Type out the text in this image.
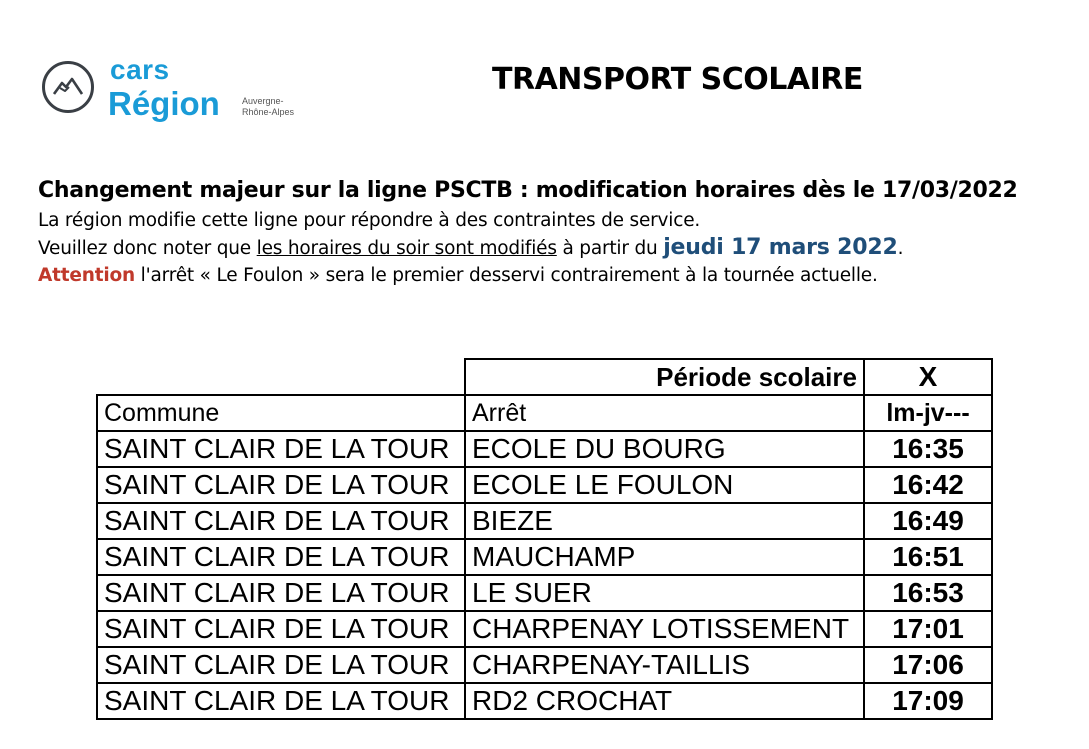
cars
Région Auvergne-
Rhône-Alpes
TRANSPORT SCOLAIRE
Changement majeur sur la ligne PSCTB : modification horaires dès le 17/03/2022
La région modifie cette ligne pour répondre à des contraintes de service.
Veuillez donc noter que les horaires du soir sont modifiés à partir du jeudi 17 mars 2022.
Attention l'arrêt « Le Foulon » sera le premier desservi contrairement à la tournée actuelle.
	Période scolaire	X
Commune	Arrêt	lm-jv---
SAINT CLAIR DE LA TOUR	ECOLE DU BOURG	16:35
SAINT CLAIR DE LA TOUR	ECOLE LE FOULON	16:42
SAINT CLAIR DE LA TOUR	BIEZE	16:49
SAINT CLAIR DE LA TOUR	MAUCHAMP	16:51
SAINT CLAIR DE LA TOUR	LE SUER	16:53
SAINT CLAIR DE LA TOUR	CHARPENAY LOTISSEMENT	17:01
SAINT CLAIR DE LA TOUR	CHARPENAY-TAILLIS	17:06
SAINT CLAIR DE LA TOUR	RD2 CROCHAT	17:09
